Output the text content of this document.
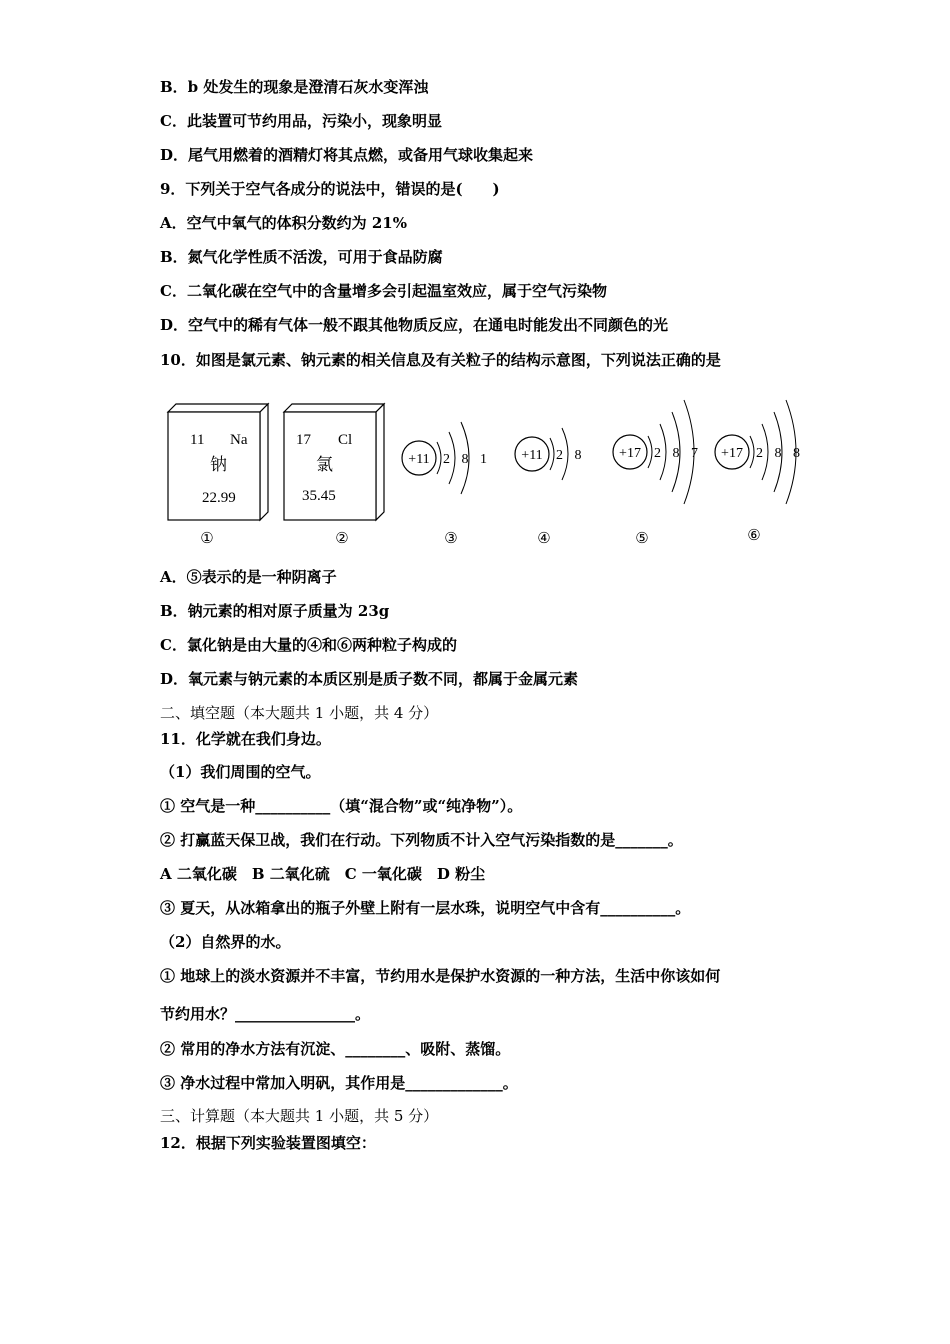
B．b 处发生的现象是澄清石灰水变浑浊
C．此装置可节约用品，污染小，现象明显
D．尾气用燃着的酒精灯将其点燃，或备用气球收集起来
9．下列关于空气各成分的说法中，错误的是(　　)
A．空气中氧气的体积分数约为 21%
B．氮气化学性质不活泼，可用于食品防腐
C．二氧化碳在空气中的含量增多会引起温室效应，属于空气污染物
D．空气中的稀有气体一般不跟其他物质反应，在通电时能发出不同颜色的光
10．如图是氯元素、钠元素的相关信息及有关粒子的结构示意图，下列说法正确的是
11 Na
钠
22.99
17 Cl
氯
35.45
+11 2 8 1 +11 2 8 +17 2 8 7 +17 2 8 8
①	②	③	④	⑤	⑥
A．⑤表示的是一种阴离子
B．钠元素的相对原子质量为 23g
C．氯化钠是由大量的④和⑥两种粒子构成的
D．氧元素与钠元素的本质区别是质子数不同，都属于金属元素
二、填空题（本大题共 1 小题，共 4 分）
11．化学就在我们身边。
（1）我们周围的空气。
① 空气是一种__________（填“混合物”或“纯净物”）。
② 打赢蓝天保卫战，我们在行动。下列物质不计入空气污染指数的是_______。
A 二氧化碳　B 二氧化硫　C 一氧化碳　D 粉尘
③ 夏天，从冰箱拿出的瓶子外壁上附有一层水珠，说明空气中含有__________。
（2）自然界的水。
① 地球上的淡水资源并不丰富，节约用水是保护水资源的一种方法，生活中你该如何
节约用水？________________。
② 常用的净水方法有沉淀、________、吸附、蒸馏。
③ 净水过程中常加入明矾，其作用是_____________。
三、计算题（本大题共 1 小题，共 5 分）
12．根据下列实验装置图填空：
